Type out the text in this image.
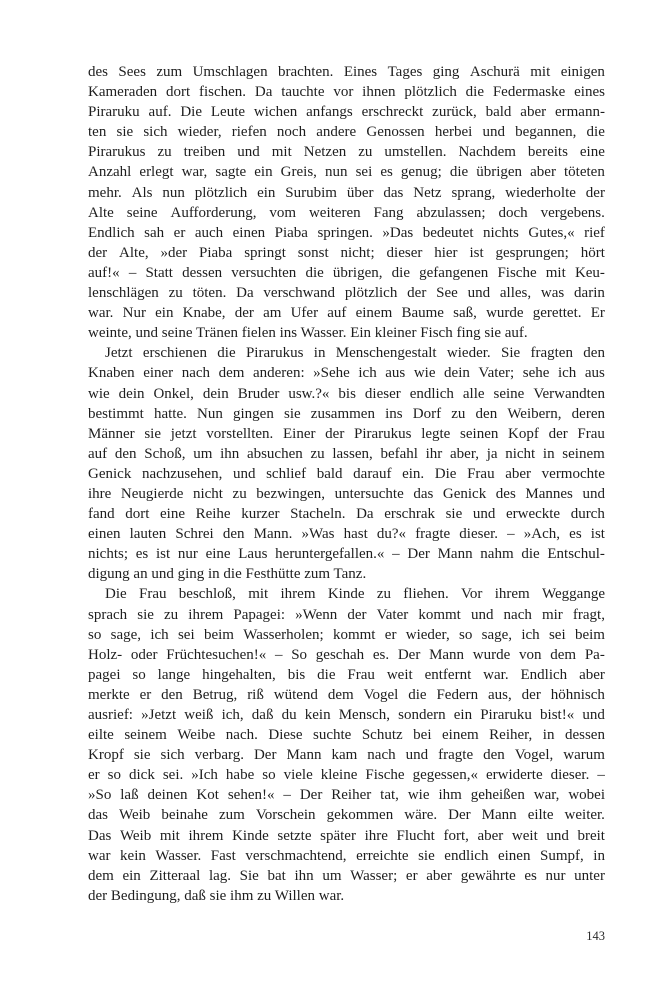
des Sees zum Umschlagen brachten. Eines Tages ging Aschurä mit einigen
Kameraden dort fischen. Da tauchte vor ihnen plötzlich die Federmaske eines
Piraruku auf. Die Leute wichen anfangs erschreckt zurück, bald aber ermann-
ten sie sich wieder, riefen noch andere Genossen herbei und begannen, die
Pirarukus zu treiben und mit Netzen zu umstellen. Nachdem bereits eine
Anzahl erlegt war, sagte ein Greis, nun sei es genug; die übrigen aber töteten
mehr. Als nun plötzlich ein Surubim über das Netz sprang, wiederholte der
Alte seine Aufforderung, vom weiteren Fang abzulassen; doch vergebens.
Endlich sah er auch einen Piaba springen. »Das bedeutet nichts Gutes,« rief
der Alte, »der Piaba springt sonst nicht; dieser hier ist gesprungen; hört
auf!« – Statt dessen versuchten die übrigen, die gefangenen Fische mit Keu-
lenschlägen zu töten. Da verschwand plötzlich der See und alles, was darin
war. Nur ein Knabe, der am Ufer auf einem Baume saß, wurde gerettet. Er
weinte, und seine Tränen fielen ins Wasser. Ein kleiner Fisch fing sie auf.
Jetzt erschienen die Pirarukus in Menschengestalt wieder. Sie fragten den
Knaben einer nach dem anderen: »Sehe ich aus wie dein Vater; sehe ich aus
wie dein Onkel, dein Bruder usw.?« bis dieser endlich alle seine Verwandten
bestimmt hatte. Nun gingen sie zusammen ins Dorf zu den Weibern, deren
Männer sie jetzt vorstellten. Einer der Pirarukus legte seinen Kopf der Frau
auf den Schoß, um ihn absuchen zu lassen, befahl ihr aber, ja nicht in seinem
Genick nachzusehen, und schlief bald darauf ein. Die Frau aber vermochte
ihre Neugierde nicht zu bezwingen, untersuchte das Genick des Mannes und
fand dort eine Reihe kurzer Stacheln. Da erschrak sie und erweckte durch
einen lauten Schrei den Mann. »Was hast du?« fragte dieser. – »Ach, es ist
nichts; es ist nur eine Laus heruntergefallen.« – Der Mann nahm die Entschul-
digung an und ging in die Festhütte zum Tanz.
Die Frau beschloß, mit ihrem Kinde zu fliehen. Vor ihrem Weggange
sprach sie zu ihrem Papagei: »Wenn der Vater kommt und nach mir fragt,
so sage, ich sei beim Wasserholen; kommt er wieder, so sage, ich sei beim
Holz- oder Früchtesuchen!« – So geschah es. Der Mann wurde von dem Pa-
pagei so lange hingehalten, bis die Frau weit entfernt war. Endlich aber
merkte er den Betrug, riß wütend dem Vogel die Federn aus, der höhnisch
ausrief: »Jetzt weiß ich, daß du kein Mensch, sondern ein Piraruku bist!« und
eilte seinem Weibe nach. Diese suchte Schutz bei einem Reiher, in dessen
Kropf sie sich verbarg. Der Mann kam nach und fragte den Vogel, warum
er so dick sei. »Ich habe so viele kleine Fische gegessen,« erwiderte dieser. –
»So laß deinen Kot sehen!« – Der Reiher tat, wie ihm geheißen war, wobei
das Weib beinahe zum Vorschein gekommen wäre. Der Mann eilte weiter.
Das Weib mit ihrem Kinde setzte später ihre Flucht fort, aber weit und breit
war kein Wasser. Fast verschmachtend, erreichte sie endlich einen Sumpf, in
dem ein Zitteraal lag. Sie bat ihn um Wasser; er aber gewährte es nur unter
der Bedingung, daß sie ihm zu Willen war.
143
